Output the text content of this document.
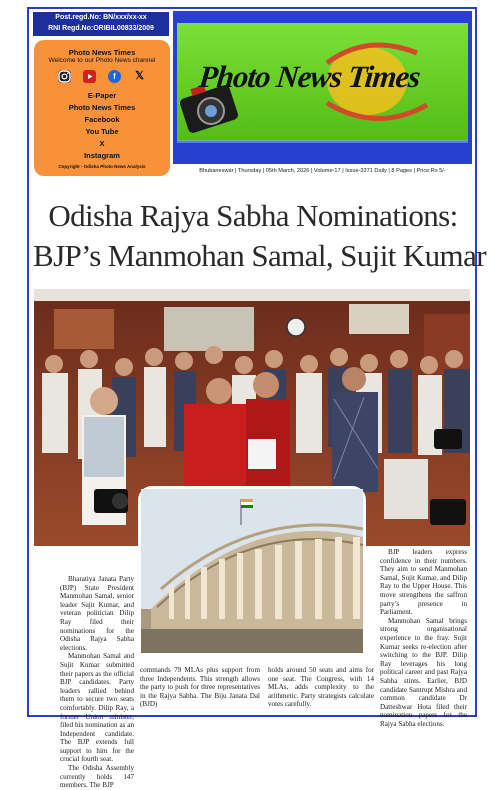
Post.regd.No: BN/xxx/xx-xx
RNI Regd.No:ORIBIL00833/2009
Photo News Times
Welcome to our Photo News channel
f	𝕏
E-Paper
Photo News Times
Facebook
You Tube
X
Instagram
Copyright - Odisha Photo News Analysis
Photo News Times
Bhubaneswar | Thursday | 05th March, 2026 | Volume-17 | Issue-3371 Daily | 8 Pages | Price:Rs 5/-
Odisha Rajya Sabha Nominations:
BJP’s Manmohan Samal, Sujit Kumar

Bharatiya Janata Party (BJP) State President Manmohan Samal, senior leader Sujit Kumar, and veteran politician Dilip Ray filed their nominations for the Odisha Rajya Sabha elections.

Manmohan Samal and Sujit Kumar submitted their papers as the official BJP candidates. Party leaders rallied behind them to secure two seats comfortably. Dilip Ray, a former Union minister, filed his nomination as an Independent candidate. The BJP extends full support to him for the crucial fourth seat.

The Odisha Assembly currently holds 147 members. The BJP

commands 79 MLAs plus support from three Independents. This strength allows the party to push for three representatives in the Rajya Sabha. The Biju Janata Dal (BJD)
holds around 50 seats and aims for one seat. The Congress, with 14 MLAs, adds complexity to the arithmetic. Party strategists calculate votes carefully.

BJP leaders express confidence in their numbers. They aim to send Manmohan Samal, Sujit Kumar, and Dilip Ray to the Upper House. This move strengthens the saffron party’s presence in Parliament.

Manmohan Samal brings strong organisational experience to the fray. Sujit Kumar seeks re-election after switching to the BJP. Dilip Ray leverages his long political career and past Rajya Sabha stints. Earlier, BJD candidate Santrupt Mishra and common candidate Dr Datteshwar Hota filed their nomination papers for the Rajya Sabha elections.
